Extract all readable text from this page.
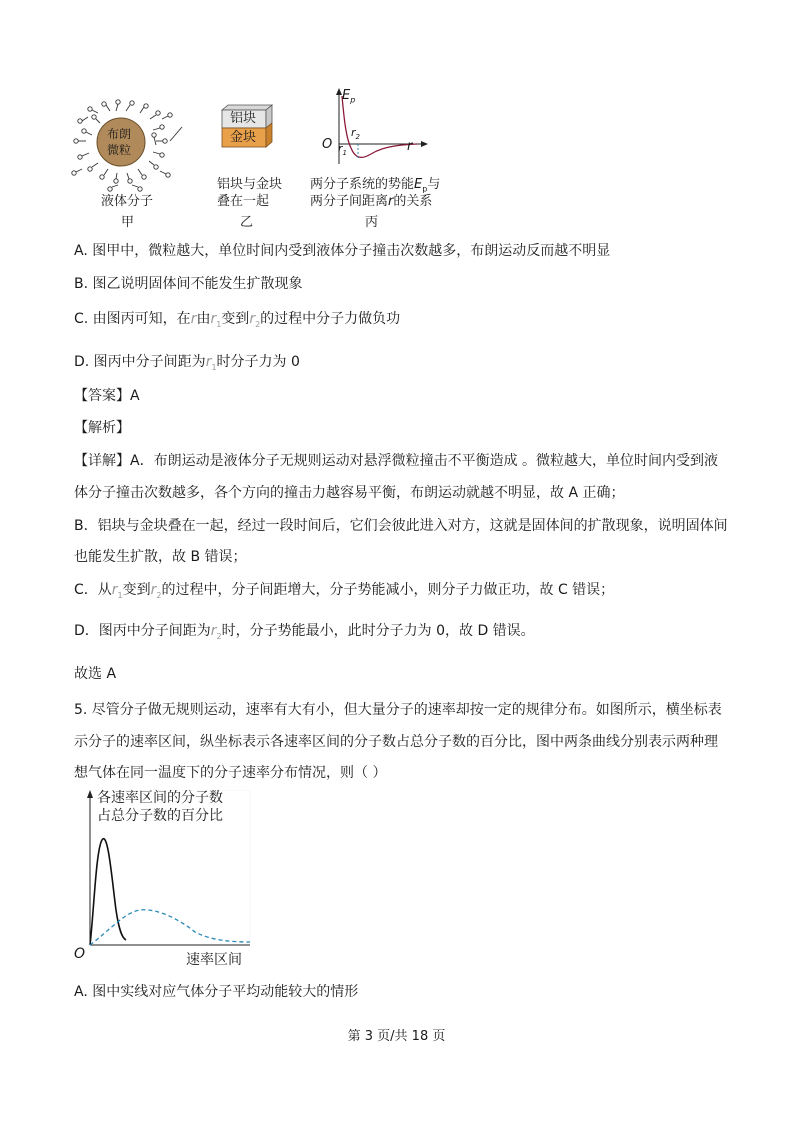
布朗
微粒
液体分子
甲
铝块
金块
铝块与金块
叠在一起
乙
$E_p$
O	r
$r_1$
$r_2$
两分子系统的势能$E_p$与
两分子间距离r的关系
丙
A. 图甲中，微粒越大，单位时间内受到液体分子撞击次数越多，布朗运动反而越不明显
B. 图乙说明固体间不能发生扩散现象
C. 由图丙可知，在r由$r_1$变到$r_2$的过程中分子力做负功
D. 图丙中分子间距为$r_1$时分子力为 0
【答案】A
【解析】
【详解】A．布朗运动是液体分子无规则运动对悬浮微粒撞击不平衡造成 。微粒越大，单位时间内受到液
体分子撞击次数越多，各个方向的撞击力越容易平衡，布朗运动就越不明显，故 A 正确；
B．铝块与金块叠在一起，经过一段时间后，它们会彼此进入对方，这就是固体间的扩散现象，说明固体间
也能发生扩散，故 B 错误；
C．从$r_1$变到$r_2$的过程中，分子间距增大，分子势能减小，则分子力做正功，故 C 错误；
D．图丙中分子间距为$r_2$时，分子势能最小，此时分子力为 0，故 D 错误。
故选 A
5. 尽管分子做无规则运动，速率有大有小，但大量分子的速率却按一定的规律分布。如图所示，横坐标表
示分子的速率区间，纵坐标表示各速率区间的分子数占总分子数的百分比，图中两条曲线分别表示两种理
想气体在同一温度下的分子速率分布情况，则（ ）
各速率区间的分子数
占总分子数的百分比
O	速率区间
A. 图中实线对应气体分子平均动能较大的情形
第 3 页/共 18 页
